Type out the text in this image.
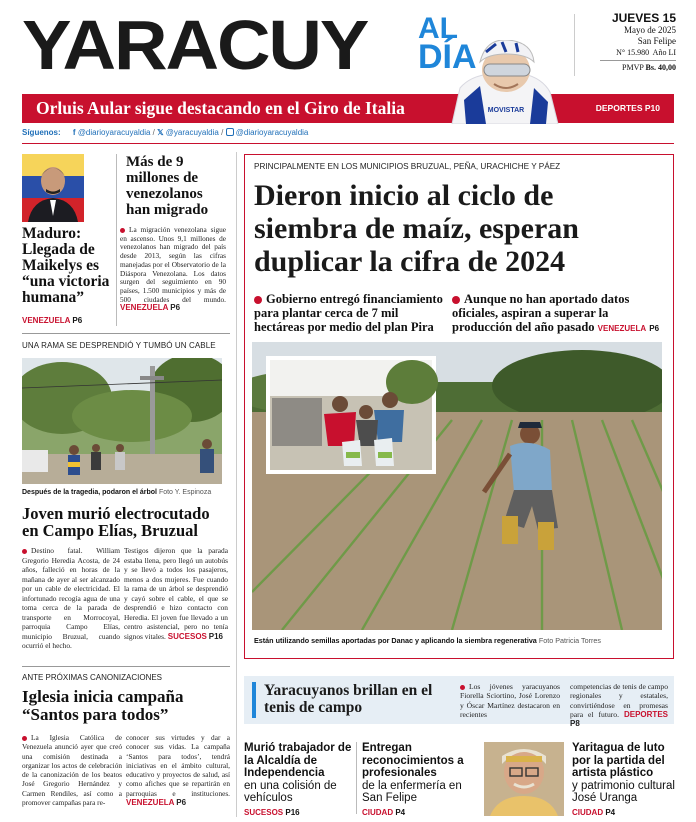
YARACUY AL
DÍA
JUEVES 15
Mayo de 2025
San Felipe
N° 15.980 Año LI
PMVP Bs. 40,00
Orluis Aular sigue destacando en el Giro de Italia	DEPORTES P10
MOVISTAR
Síguenos: f @diarioyaracuyaldia / 𝕏 @yaracuyaldia /  @diarioyaracuyaldia
Maduro: Llegada de Maikelys es “una victoria humana”
VENEZUELA P6
Más de 9 millones de venezolanos han migrado
La migración venezolana sigue en ascenso. Unos 9,1 millones de venezolanos han migrado del país desde 2013, según las cifras manejadas por el Observatorio de la Diáspora Venezolana. Los datos surgen del seguimiento en 90 países, 1.500 municipios y más de 500 ciudades del mundo. VENEZUELA P6
UNA RAMA SE DESPRENDIÓ Y TUMBÓ UN CABLE
Después de la tragedia, podaron el árbol Foto Y. Espinoza
Joven murió electrocutado en Campo Elías, Bruzual
Destino fatal. William Gregorio Heredia Acosta, de 24 años, falleció en horas de la mañana de ayer al ser alcanzado por un cable de electricidad. El infortunado recogía agua de una toma cerca de la parada de transporte en Morrocoyal, parroquia Campo Elías, municipio Bruzual, cuando ocurrió el hecho.
Testigos dijeron que la parada estaba llena, pero llegó un autobús y se llevó a todos los pasajeros, menos a dos mujeres. Fue cuando la rama de un árbol se desprendió y cayó sobre el cable, el que se desprendió e hizo contacto con Heredia. El joven fue llevado a un centro asistencial, pero no tenía signos vitales. SUCESOS P16
ANTE PRÓXIMAS CANONIZACIONES
Iglesia inicia campaña “Santos para todos”
La Iglesia Católica de Venezuela anunció ayer que creó una comisión destinada a organizar los actos de celebración de la canonización de los beatos José Gregorio Hernández y Carmen Rendiles, así como a promover campañas para re-
conocer sus virtudes y dar a conocer sus vidas. La campaña ‘Santos para todos’, tendrá iniciativas en el ámbito cultural, educativo y proyectos de salud, así como afiches que se repartirán en parroquias e instituciones. VENEZUELA P6
PRINCIPALMENTE EN LOS MUNICIPIOS BRUZUAL, PEÑA, URACHICHE Y PÁEZ
Dieron inicio al ciclo de siembra de maíz, esperan duplicar la cifra de 2024
Gobierno entregó financiamiento para plantar cerca de 7 mil hectáreas por medio del plan Pira
Aunque no han aportado datos oficiales, aspiran a superar la producción del año pasado VENEZUELA P6
Están utilizando semillas aportadas por Danac y aplicando la siembra regenerativa Foto Patricia Torres
Yaracuyanos brillan en el tenis de campo
Los jóvenes yaracuyanos Fiorella Sciortino, José Lorenzo y Óscar Martínez destacaron en recientes
competencias de tenis de campo regionales y estatales, convirtiéndose en promesas para el futuro. DEPORTES P8
Murió trabajador de la Alcaldía de Independencia
en una colisión de vehículos
SUCESOS P16
Entregan reconocimientos a profesionales
de la enfermería en San Felipe
CIUDAD P4
Yaritagua de luto por la partida del artista plástico
y patrimonio cultural José Uranga
CIUDAD P4
